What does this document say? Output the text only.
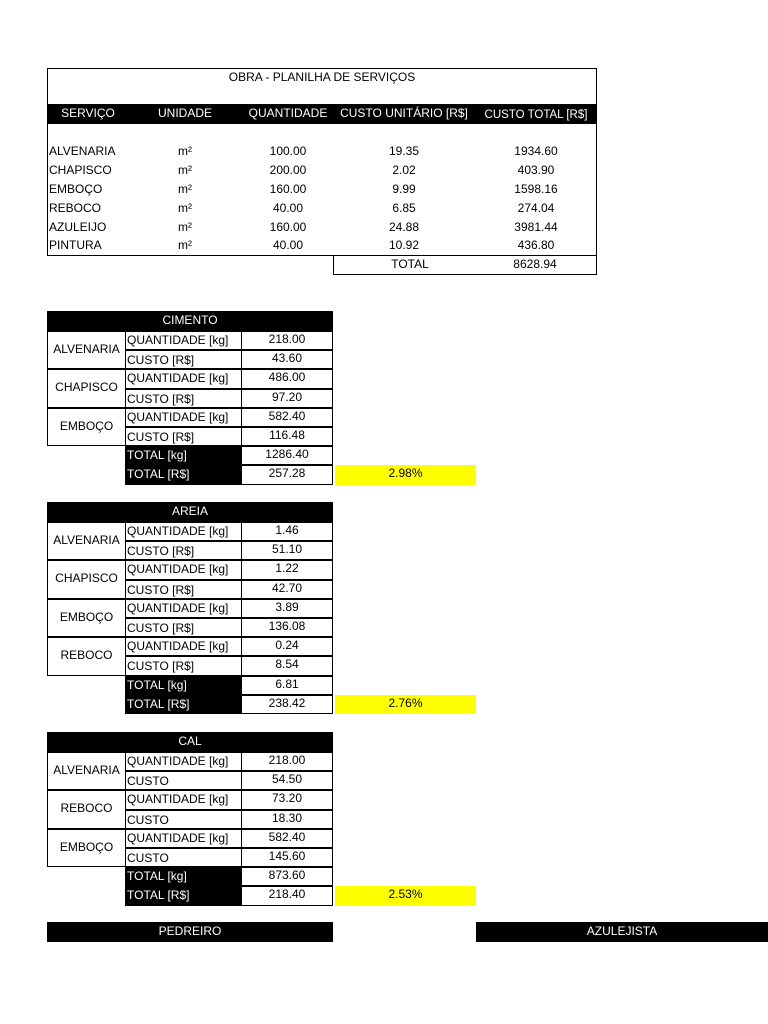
OBRA - PLANILHA DE SERVIÇOS
SERVIÇO	UNIDADE	QUANTIDADE	CUSTO UNITÁRIO [R$]	CUSTO TOTAL [R$]
ALVENARIA	m²	100.00	19.35	1934.60
CHAPISCO	m²	200.00	2.02	403.90
EMBOÇO	m²	160.00	9.99	1598.16
REBOCO	m²	40.00	6.85	274.04
AZULEIJO	m²	160.00	24.88	3981.44
PINTURA	m²	40.00	10.92	436.80
TOTAL	8628.94
CIMENTO
ALVENARIA
QUANTIDADE [kg]	218.00
CUSTO [R$]	43.60
CHAPISCO
QUANTIDADE [kg]	486.00
CUSTO [R$]	97.20
EMBOÇO
QUANTIDADE [kg]	582.40
CUSTO [R$]	116.48
TOTAL [kg]	1286.40
TOTAL [R$]	257.28	2.98%
AREIA
ALVENARIA
QUANTIDADE [kg]	1.46
CUSTO [R$]	51.10
CHAPISCO
QUANTIDADE [kg]	1.22
CUSTO [R$]	42.70
EMBOÇO
QUANTIDADE [kg]	3.89
CUSTO [R$]	136.08
REBOCO
QUANTIDADE [kg]	0.24
CUSTO [R$]	8.54
TOTAL [kg]	6.81
TOTAL [R$]	238.42	2.76%
CAL
ALVENARIA
QUANTIDADE [kg]	218.00
CUSTO	54.50
REBOCO
QUANTIDADE [kg]	73.20
CUSTO	18.30
EMBOÇO
QUANTIDADE [kg]	582.40
CUSTO	145.60
TOTAL [kg]	873.60
TOTAL [R$]	218.40	2.53%
PEDREIRO	AZULEJISTA
